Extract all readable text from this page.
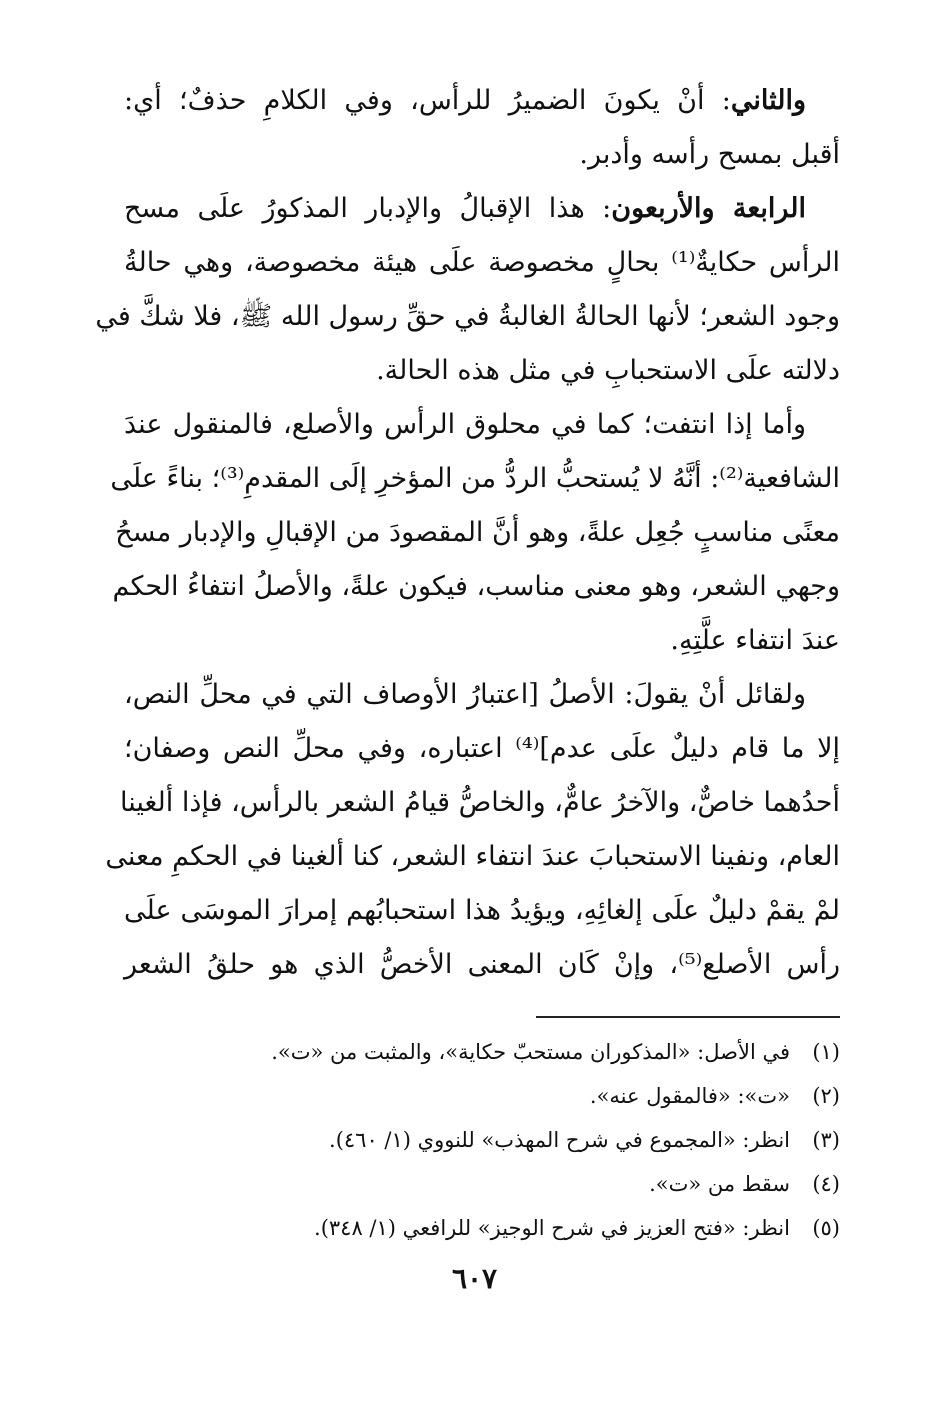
والثاني: أنْ يكونَ الضميرُ للرأس، وفي الكلامِ حذفٌ؛ أي:
أقبل بمسح رأسه وأدبر.
الرابعة والأربعون: هذا الإقبالُ والإدبار المذكورُ علَى مسح
الرأس حكايةٌ⁽¹⁾ بحالٍ مخصوصة علَى هيئة مخصوصة، وهي حالةُ
وجود الشعر؛ لأنها الحالةُ الغالبةُ في حقِّ رسول الله ﷺ، فلا شكَّ في
دلالته علَى الاستحبابِ في مثل هذه الحالة.
وأما إذا انتفت؛ كما في محلوق الرأس والأصلع، فالمنقول عندَ
الشافعية⁽²⁾: أنَّهُ لا يُستحبُّ الردُّ من المؤخرِ إلَى المقدمِ⁽³⁾؛ بناءً علَى
معنًى مناسبٍ جُعِل علةً، وهو أنَّ المقصودَ من الإقبالِ والإدبار مسحُ
وجهي الشعر، وهو معنى مناسب، فيكون علةً، والأصلُ انتفاءُ الحكم
عندَ انتفاء علَّتِهِ.
ولقائل أنْ يقولَ: الأصلُ [اعتبارُ الأوصاف التي في محلِّ النص،
إلا ما قام دليلٌ علَى عدم]⁽⁴⁾ اعتباره، وفي محلِّ النص وصفان؛
أحدُهما خاصٌّ، والآخرُ عامٌّ، والخاصُّ قيامُ الشعر بالرأس، فإذا ألغينا
العام، ونفينا الاستحبابَ عندَ انتفاء الشعر، كنا ألغينا في الحكمِ معنى
لمْ يقمْ دليلٌ علَى إلغائِهِ، ويؤيدُ هذا استحبابُهم إمرارَ الموسَى علَى
رأس الأصلع⁽⁵⁾، وإنْ كَان المعنى الأخصُّ الذي هو حلقُ الشعر
(١)
في الأصل: «المذكوران مستحبّ حكاية»، والمثبت من «ت».
(٢)
«ت»: «فالمقول عنه».
(٣)
انظر: «المجموع في شرح المهذب» للنووي (١/ ٤٦٠).
(٤)
سقط من «ت».
(٥)
انظر: «فتح العزيز في شرح الوجيز» للرافعي (١/ ٣٤٨).
٦٠٧
